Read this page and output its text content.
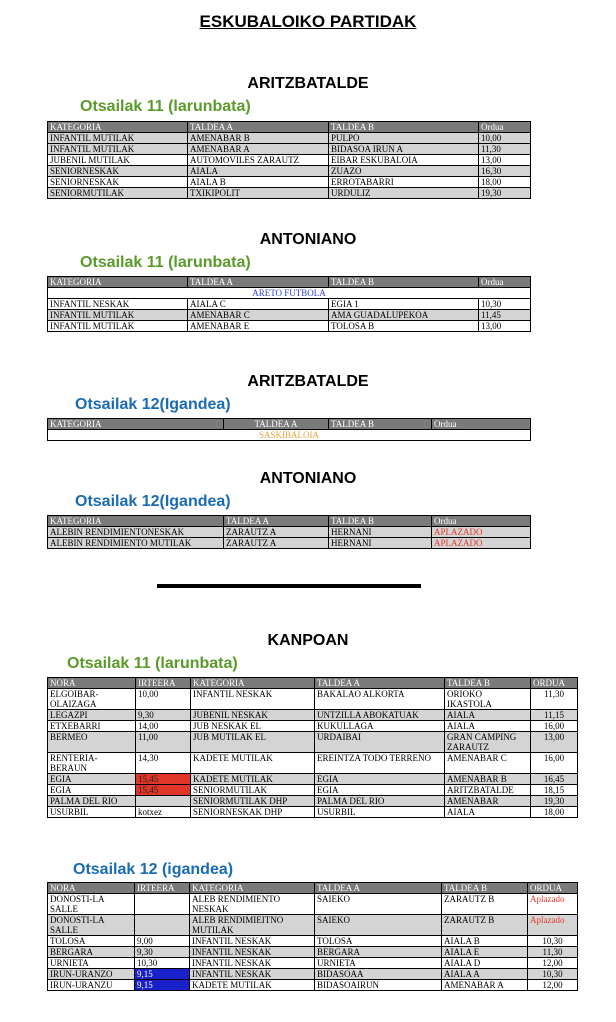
ESKUBALOIKO PARTIDAK
ARITZBATALDE
Otsailak 11 (larunbata)
KATEGORIA	TALDEA A	TALDEA B	Ordua
INFANTIL MUTILAK	AMENABAR B	PULPO	10,00
INFANTIL MUTILAK	AMENABAR A	BIDASOA IRUN A	11,30
JUBENIL MUTILAK	AUTOMOVILES ZARAUTZ	EIBAR ESKUBALOIA	13,00
SENIORNESKAK	AIALA	ZUAZO	16,30
SENIORNESKAK	AIALA B	ERROTABARRI	18,00
SENIORMUTILAK	TXIKIPOLIT	URDULIZ	19,30
ANTONIANO
Otsailak 11 (larunbata)
KATEGORIA	TALDEA A	TALDEA B	Ordua
ARETO FUTBOLA			
INFANTIL NESKAK	AIALA C	EGIA 1	10,30
INFANTIL MUTILAK	AMENABAR C	AMA GUADALUPEKOA	11,45
INFANTIL MUTILAK	AMENABAR E	TOLOSA B	13,00
ARITZBATALDE
Otsailak 12(Igandea)
KATEGORIA	TALDEA A	TALDEA B	Ordua
SASKIBALOIA
ANTONIANO
Otsailak 12(Igandea)
KATEGORIA	TALDEA A	TALDEA B	Ordua
ALEBIN RENDIMIENTONESKAK	ZARAUTZ A	HERNANI	APLAZADO
ALEBIN RENDIMIENTO MUTILAK	ZARAUTZ A	HERNANI	APLAZADO
KANPOAN
Otsailak 11 (larunbata)
NORA	IRTEERA	KATEGORIA	TALDEA A	TALDEA B	ORDUA
ELGOIBAR-OLAIZAGA	10,00	INFANTIL NESKAK	BAKALAO ALKORTA	ORIOKO IKASTOLA	11,30
LEGAZPI	9,30	JUBENIL NESKAK	UNTZILLA ABOKATUAK	AIALA	11,15
ETXEBARRI	14,00	JUB NESKAK EL	KUKULLAGA	AIALA	16,00
BERMEO	11,00	JUB MUTILAK EL	URDAIBAI	GRAN CAMPING ZARAUTZ	13,00
RENTERIA-BERAUN	14,30	KADETE MUTILAK	EREINTZA TODO TERRENO	AMENABAR C	16,00
EGIA	15,45	KADETE MUTILAK	EGIA	AMENABAR B	16,45
EGIA	15,45	SENIORMUTILAK	EGIA	ARITZBATALDE	18,15
PALMA DEL RIO		SENIORMUTILAK DHP	PALMA DEL RIO	AMENABAR	19,30
USURBIL	kotxez	SENIORNESKAK DHP	USURBIL	AIALA	18,00
Otsailak 12 (igandea)
NORA	IRTEERA	KATEGORIA	TALDEA A	TALDEA B	ORDUA
DONOSTI-LA SALLE		ALEB RENDIMIENTO NESKAK	SAIEKO	ZARAUTZ B	Aplazado
DONOSTI-LA SALLE		ALEB RENDIMIEITNO MUTILAK	SAIEKO	ZARAUTZ B	Aplazado
TOLOSA	9,00	INFANTIL NESKAK	TOLOSA	AIALA B	10,30
BERGARA	9,30	INFANTIL NESKAK	BERGARA	AIALA E	11,30
URNIETA	10,30	INFANTIL NESKAK	URNIETA	AIALA D	12,00
IRUN-URANZO	9,15	INFANTIL NESKAK	BIDASOAA	AIALA A	10,30
IRUN-URANZU	9,15	KADETE MUTILAK	BIDASOAIRUN	AMENABAR A	12,00
